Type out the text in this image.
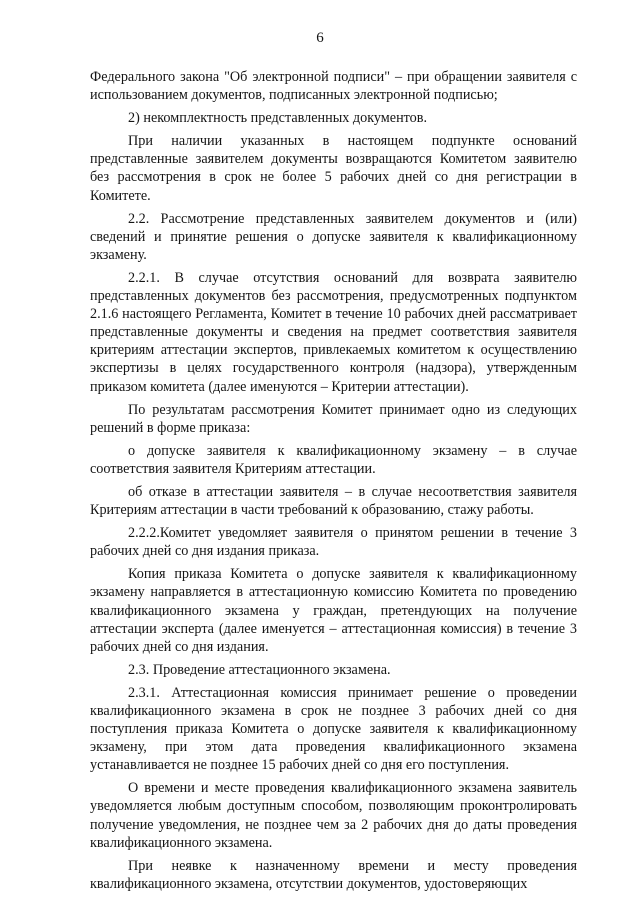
6

Федерального закона "Об электронной подписи" – при обращении заявителя с использованием документов, подписанных электронной подписью;

2) некомплектность представленных документов.

При наличии указанных в настоящем подпункте оснований представленные заявителем документы возвращаются Комитетом заявителю без рассмотрения в срок не более 5 рабочих дней со дня регистрации в Комитете.

2.2. Рассмотрение представленных заявителем документов и (или) сведений и принятие решения о допуске заявителя к квалификационному экзамену.

2.2.1. В случае отсутствия оснований для возврата заявителю представленных документов без рассмотрения, предусмотренных подпунктом 2.1.6 настоящего Регламента, Комитет в течение 10 рабочих дней рассматривает представленные документы и сведения на предмет соответствия заявителя критериям аттестации экспертов, привлекаемых комитетом к осуществлению экспертизы в целях государственного контроля (надзора), утвержденным приказом комитета (далее именуются – Критерии аттестации).

По результатам рассмотрения Комитет принимает одно из следующих решений в форме приказа:

о допуске заявителя к квалификационному экзамену – в случае соответствия заявителя Критериям аттестации.

об отказе в аттестации заявителя – в случае несоответствия заявителя Критериям аттестации в части требований к образованию, стажу работы.

2.2.2.Комитет уведомляет заявителя о принятом решении в течение 3 рабочих дней со дня издания приказа.

Копия приказа Комитета о допуске заявителя к квалификационному экзамену направляется в аттестационную комиссию Комитета по проведению квалификационного экзамена у граждан, претендующих на получение аттестации эксперта (далее именуется – аттестационная комиссия) в течение 3 рабочих дней со дня издания.

2.3. Проведение аттестационного экзамена.

2.3.1. Аттестационная комиссия принимает решение о проведении квалификационного экзамена в срок не позднее 3 рабочих дней со дня поступления приказа Комитета о допуске заявителя к квалификационному экзамену, при этом дата проведения квалификационного экзамена устанавливается не позднее 15 рабочих дней со дня его поступления.

О времени и месте проведения квалификационного экзамена заявитель уведомляется любым доступным способом, позволяющим проконтролировать получение уведомления, не позднее чем за 2 рабочих дня до даты проведения квалификационного экзамена.

При неявке к назначенному времени и месту проведения квалификационного экзамена, отсутствии документов, удостоверяющих
